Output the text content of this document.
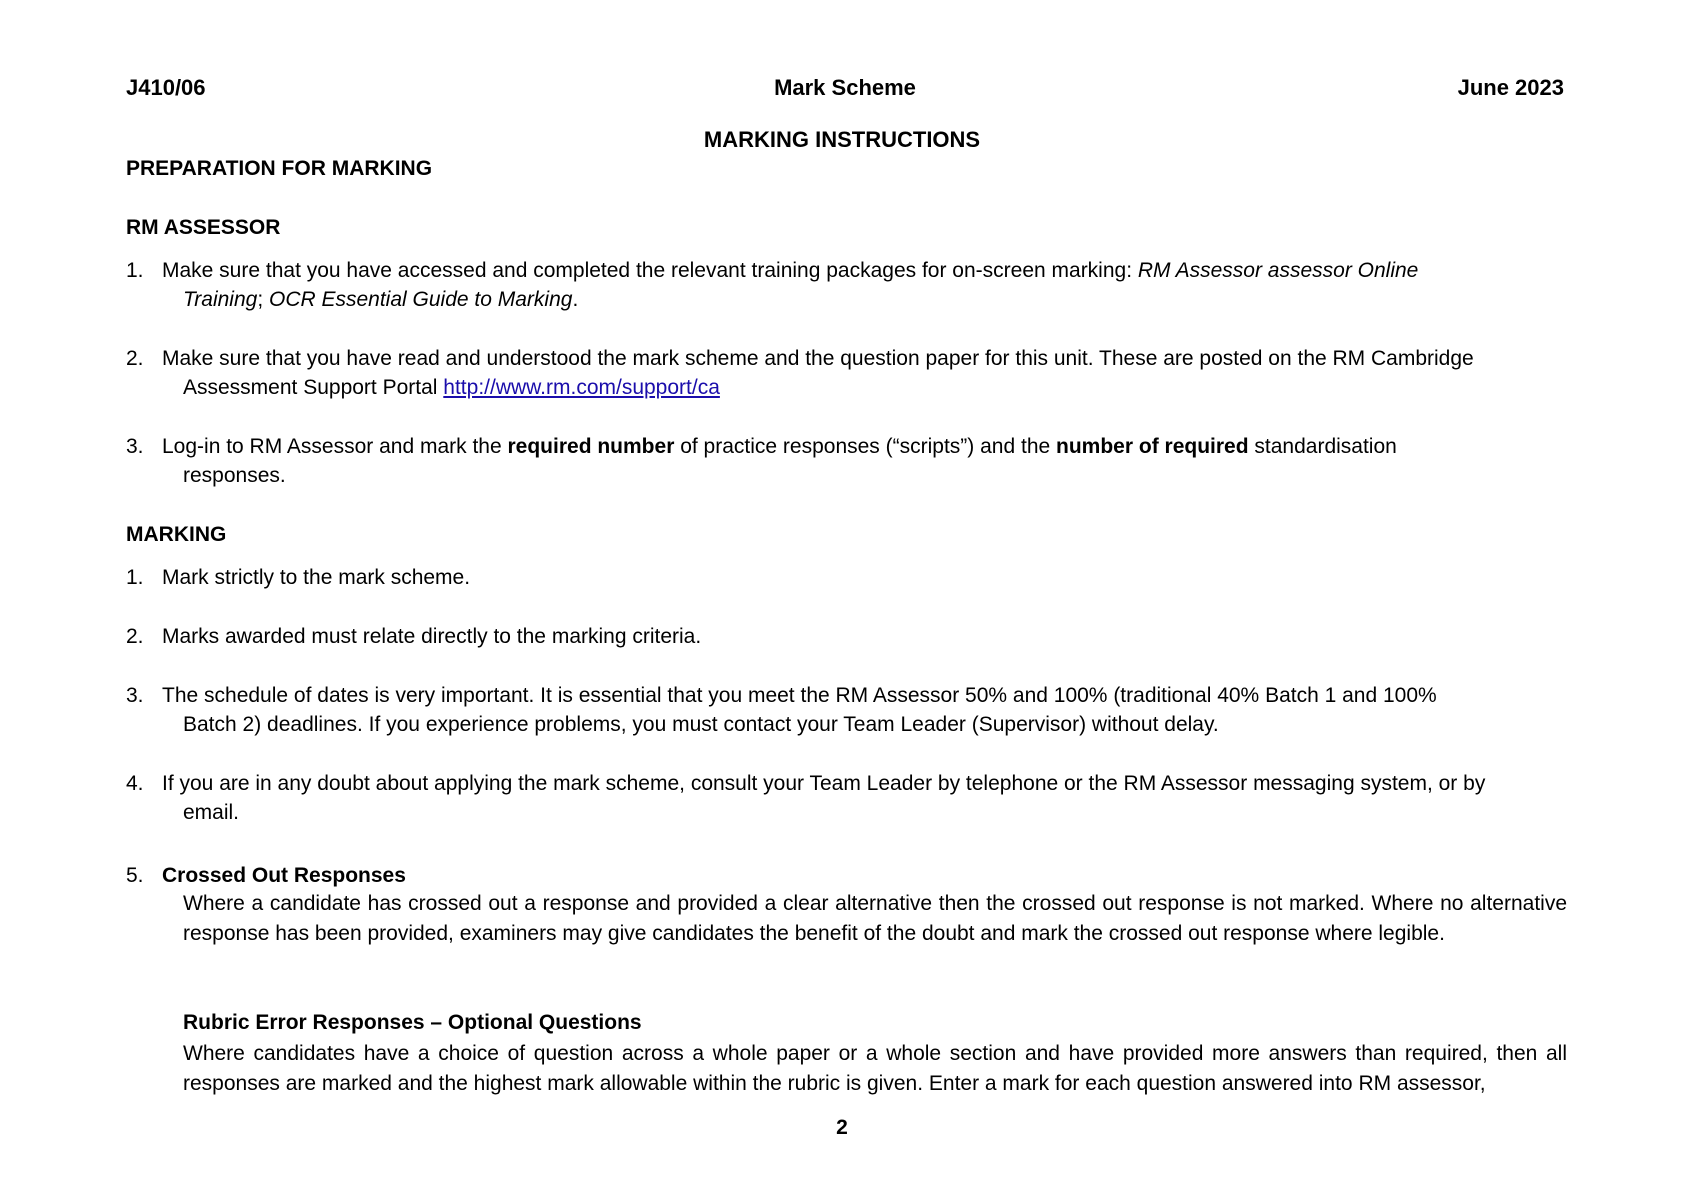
J410/06	Mark Scheme	June 2023
MARKING INSTRUCTIONS
PREPARATION FOR MARKING
RM ASSESSOR
1. Make sure that you have accessed and completed the relevant training packages for on-screen marking: RM Assessor assessor Online
Training; OCR Essential Guide to Marking.
2. Make sure that you have read and understood the mark scheme and the question paper for this unit. These are posted on the RM Cambridge
Assessment Support Portal http://www.rm.com/support/ca
3. Log-in to RM Assessor and mark the required number of practice responses (“scripts”) and the number of required standardisation
responses.
MARKING
1. Mark strictly to the mark scheme.
2. Marks awarded must relate directly to the marking criteria.
3. The schedule of dates is very important. It is essential that you meet the RM Assessor 50% and 100% (traditional 40% Batch 1 and 100%
Batch 2) deadlines. If you experience problems, you must contact your Team Leader (Supervisor) without delay.
4. If you are in any doubt about applying the mark scheme, consult your Team Leader by telephone or the RM Assessor messaging system, or by
email.
5. Crossed Out Responses
Where a candidate has crossed out a response and provided a clear alternative then the crossed out response is not marked. Where no alternative response has been provided, examiners may give candidates the benefit of the doubt and mark the crossed out response where legible.
Rubric Error Responses – Optional Questions
Where candidates have a choice of question across a whole paper or a whole section and have provided more answers than required, then all responses are marked and the highest mark allowable within the rubric is given. Enter a mark for each question answered into RM assessor,
2
